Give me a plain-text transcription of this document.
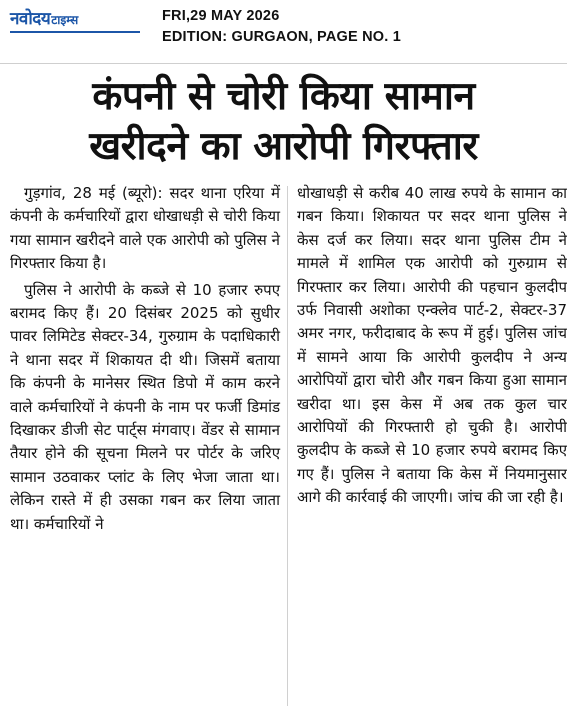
नवोदय टाइम्स	FRI,29 MAY 2026
EDITION: GURGAON, PAGE NO. 1
कंपनी से चोरी किया सामान
खरीदने का आरोपी गिरफ्तार

गुड़गांव, 28 मई (ब्यूरो): सदर थाना एरिया में कंपनी के कर्मचारियों द्वारा धोखाधड़ी से चोरी किया गया सामान खरीदने वाले एक आरोपी को पुलिस ने गिरफ्तार किया है।

पुलिस ने आरोपी के कब्जे से 10 हजार रुपए बरामद किए हैं। 20 दिसंबर 2025 को सुधीर पावर लिमिटेड सेक्टर-34, गुरुग्राम के पदाधिकारी ने थाना सदर में शिकायत दी थी। जिसमें बताया कि कंपनी के मानेसर स्थित डिपो में काम करने वाले कर्मचारियों ने कंपनी के नाम पर फर्जी डिमांड दिखाकर डीजी सेट पार्ट्स मंगवाए। वेंडर से सामान तैयार होने की सूचना मिलने पर पोर्टर के जरिए सामान उठवाकर प्लांट के लिए भेजा जाता था। लेकिन रास्ते में ही उसका गबन कर लिया जाता था। कर्मचारियों ने

धोखाधड़ी से करीब 40 लाख रुपये के सामान का गबन किया। शिकायत पर सदर थाना पुलिस ने केस दर्ज कर लिया। सदर थाना पुलिस टीम ने मामले में शामिल एक आरोपी को गुरुग्राम से गिरफ्तार कर लिया। आरोपी की पहचान कुलदीप उर्फ निवासी अशोका एन्क्लेव पार्ट-2, सेक्टर-37 अमर नगर, फरीदाबाद के रूप में हुई। पुलिस जांच में सामने आया कि आरोपी कुलदीप ने अन्य आरोपियों द्वारा चोरी और गबन किया हुआ सामान खरीदा था। इस केस में अब तक कुल चार आरोपियों की गिरफ्तारी हो चुकी है। आरोपी कुलदीप के कब्जे से 10 हजार रुपये बरामद किए गए हैं। पुलिस ने बताया कि केस में नियमानुसार आगे की कार्रवाई की जाएगी। जांच की जा रही है।
